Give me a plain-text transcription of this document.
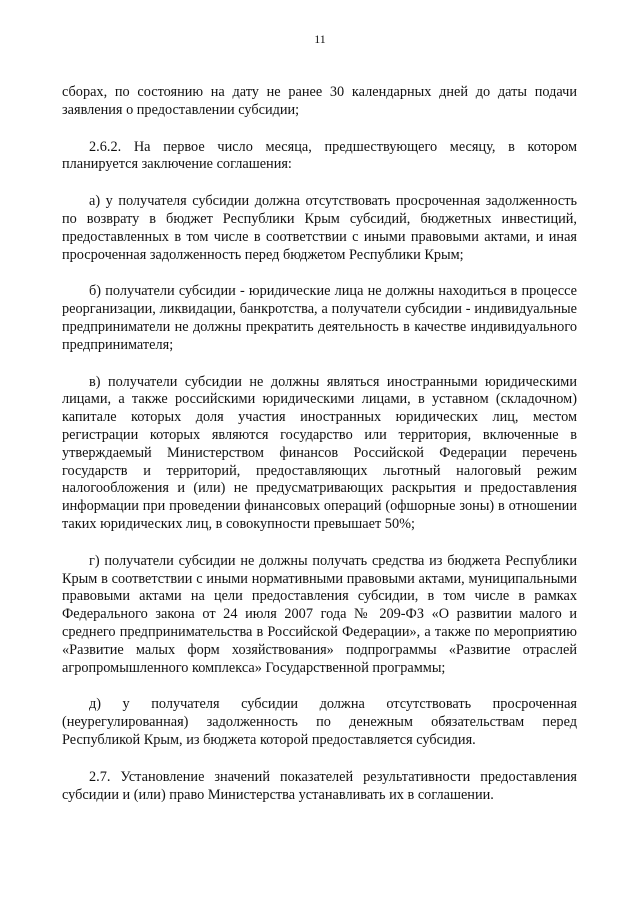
11

сборах, по состоянию на дату не ранее 30 календарных дней до даты подачи заявления о предоставлении субсидии;

2.6.2. На первое число месяца, предшествующего месяцу, в котором планируется заключение соглашения:

а) у получателя субсидии должна отсутствовать просроченная задолженность по возврату в бюджет Республики Крым субсидий, бюджетных инвестиций, предоставленных в том числе в соответствии с иными правовыми актами, и иная просроченная задолженность перед бюджетом Республики Крым;

б) получатели субсидии - юридические лица не должны находиться в процессе реорганизации, ликвидации, банкротства, а получатели субсидии - индивидуальные предприниматели не должны прекратить деятельность в качестве индивидуального предпринимателя;

в) получатели субсидии не должны являться иностранными юридическими лицами, а также российскими юридическими лицами, в уставном (складочном) капитале которых доля участия иностранных юридических лиц, местом регистрации которых являются государство или территория, включенные в утверждаемый Министерством финансов Российской Федерации перечень государств и территорий, предоставляющих льготный налоговый режим налогообложения и (или) не предусматривающих раскрытия и предоставления информации при проведении финансовых операций (офшорные зоны) в отношении таких юридических лиц, в совокупности превышает 50%;

г) получатели субсидии не должны получать средства из бюджета Республики Крым в соответствии с иными нормативными правовыми актами, муниципальными правовыми актами на цели предоставления субсидии, в том числе в рамках Федерального закона от 24 июля 2007 года № 209-ФЗ «О развитии малого и среднего предпринимательства в Российской Федерации», а также по мероприятию «Развитие малых форм хозяйствования» подпрограммы «Развитие отраслей агропромышленного комплекса» Государственной программы;

д) у получателя субсидии должна отсутствовать просроченная (неурегулированная) задолженность по денежным обязательствам перед Республикой Крым, из бюджета которой предоставляется субсидия.

2.7. Установление значений показателей результативности предоставления субсидии и (или) право Министерства устанавливать их в соглашении.
